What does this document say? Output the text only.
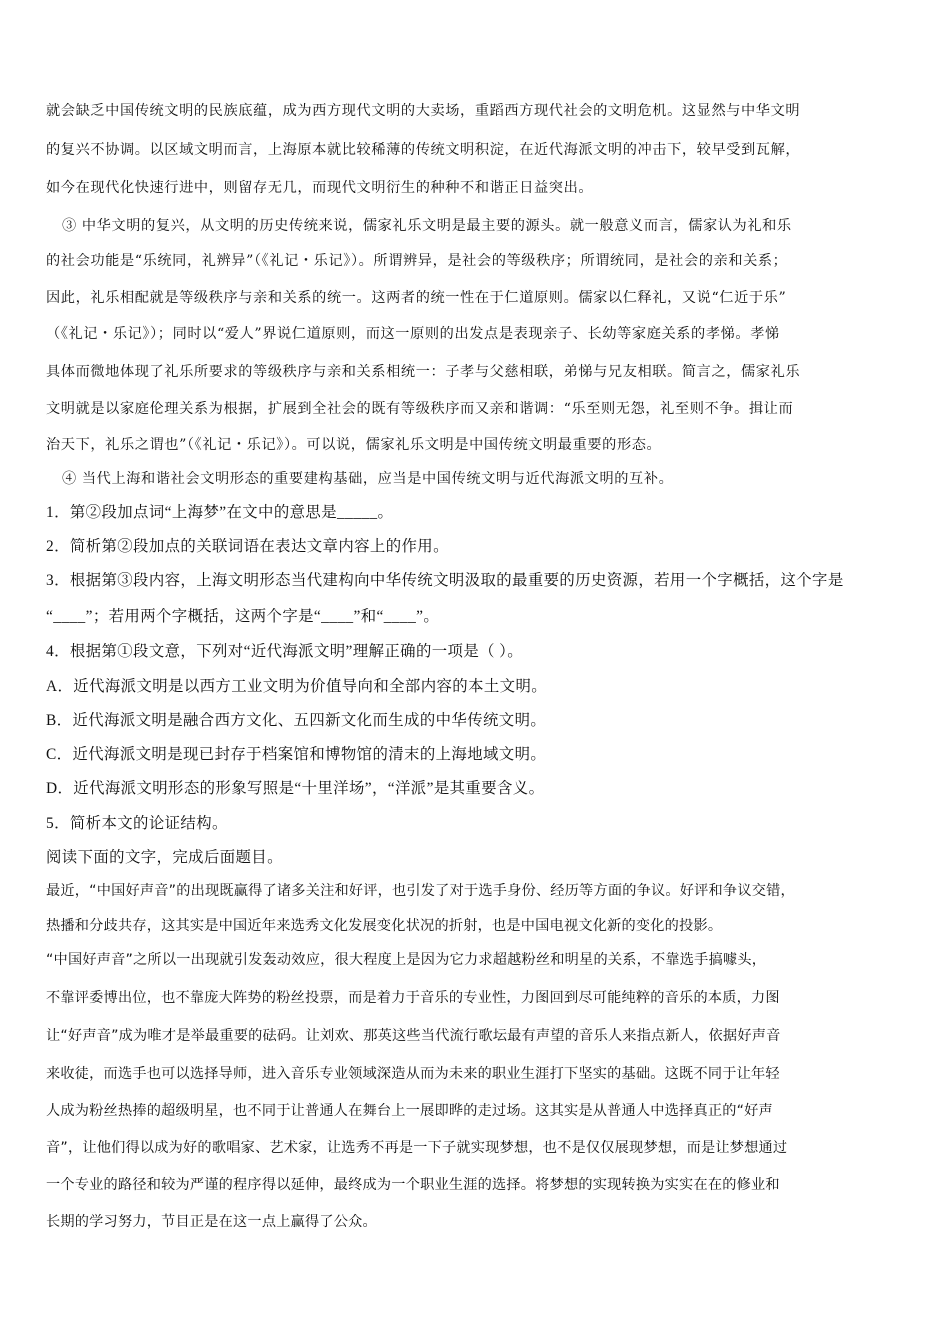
就会缺乏中国传统文明的民族底蕴，成为西方现代文明的大卖场，重蹈西方现代社会的文明危机。这显然与中华文明
的复兴不协调。以区域文明而言，上海原本就比较稀薄的传统文明积淀，在近代海派文明的冲击下，较早受到瓦解，
如今在现代化快速行进中，则留存无几，而现代文明衍生的种种不和谐正日益突出。
③ 中华文明的复兴，从文明的历史传统来说，儒家礼乐文明是最主要的源头。就一般意义而言，儒家认为礼和乐
的社会功能是“乐统同，礼辨异”（《礼记・乐记》）。所谓辨异，是社会的等级秩序；所谓统同，是社会的亲和关系；
因此，礼乐相配就是等级秩序与亲和关系的统一。这两者的统一性在于仁道原则。儒家以仁释礼，又说“仁近于乐”
（《礼记・乐记》）；同时以“爱人”界说仁道原则，而这一原则的出发点是表现亲子、长幼等家庭关系的孝悌。孝悌
具体而微地体现了礼乐所要求的等级秩序与亲和关系相统一：子孝与父慈相联，弟悌与兄友相联。简言之，儒家礼乐
文明就是以家庭伦理关系为根据，扩展到全社会的既有等级秩序而又亲和谐调：“乐至则无怨，礼至则不争。揖让而
治天下，礼乐之谓也”（《礼记・乐记》）。可以说，儒家礼乐文明是中国传统文明最重要的形态。
④ 当代上海和谐社会文明形态的重要建构基础，应当是中国传统文明与近代海派文明的互补。
1．第②段加点词“上海梦”在文中的意思是_____。
2．简析第②段加点的关联词语在表达文章内容上的作用。
3．根据第③段内容，上海文明形态当代建构向中华传统文明汲取的最重要的历史资源，若用一个字概括，这个字是
“____”；若用两个字概括，这两个字是“____”和“____”。
4．根据第①段文意，下列对“近代海派文明”理解正确的一项是（ ）。
A．近代海派文明是以西方工业文明为价值导向和全部内容的本土文明。
B．近代海派文明是融合西方文化、五四新文化而生成的中华传统文明。
C．近代海派文明是现已封存于档案馆和博物馆的清末的上海地域文明。
D．近代海派文明形态的形象写照是“十里洋场”，“洋派”是其重要含义。
5．简析本文的论证结构。
阅读下面的文字，完成后面题目。
最近，“中国好声音”的出现既赢得了诸多关注和好评，也引发了对于选手身份、经历等方面的争议。好评和争议交错，
热播和分歧共存，这其实是中国近年来选秀文化发展变化状况的折射，也是中国电视文化新的变化的投影。
“中国好声音”之所以一出现就引发轰动效应，很大程度上是因为它力求超越粉丝和明星的关系，不靠选手搞噱头，
不靠评委博出位，也不靠庞大阵势的粉丝投票，而是着力于音乐的专业性，力图回到尽可能纯粹的音乐的本质，力图
让“好声音”成为唯才是举最重要的砝码。让刘欢、那英这些当代流行歌坛最有声望的音乐人来指点新人，依据好声音
来收徒，而选手也可以选择导师，进入音乐专业领域深造从而为未来的职业生涯打下坚实的基础。这既不同于让年轻
人成为粉丝热捧的超级明星，也不同于让普通人在舞台上一展即晔的走过场。这其实是从普通人中选择真正的“好声
音”，让他们得以成为好的歌唱家、艺术家，让选秀不再是一下子就实现梦想，也不是仅仅展现梦想，而是让梦想通过
一个专业的路径和较为严谨的程序得以延伸，最终成为一个职业生涯的选择。将梦想的实现转换为实实在在的修业和
长期的学习努力，节目正是在这一点上赢得了公众。
